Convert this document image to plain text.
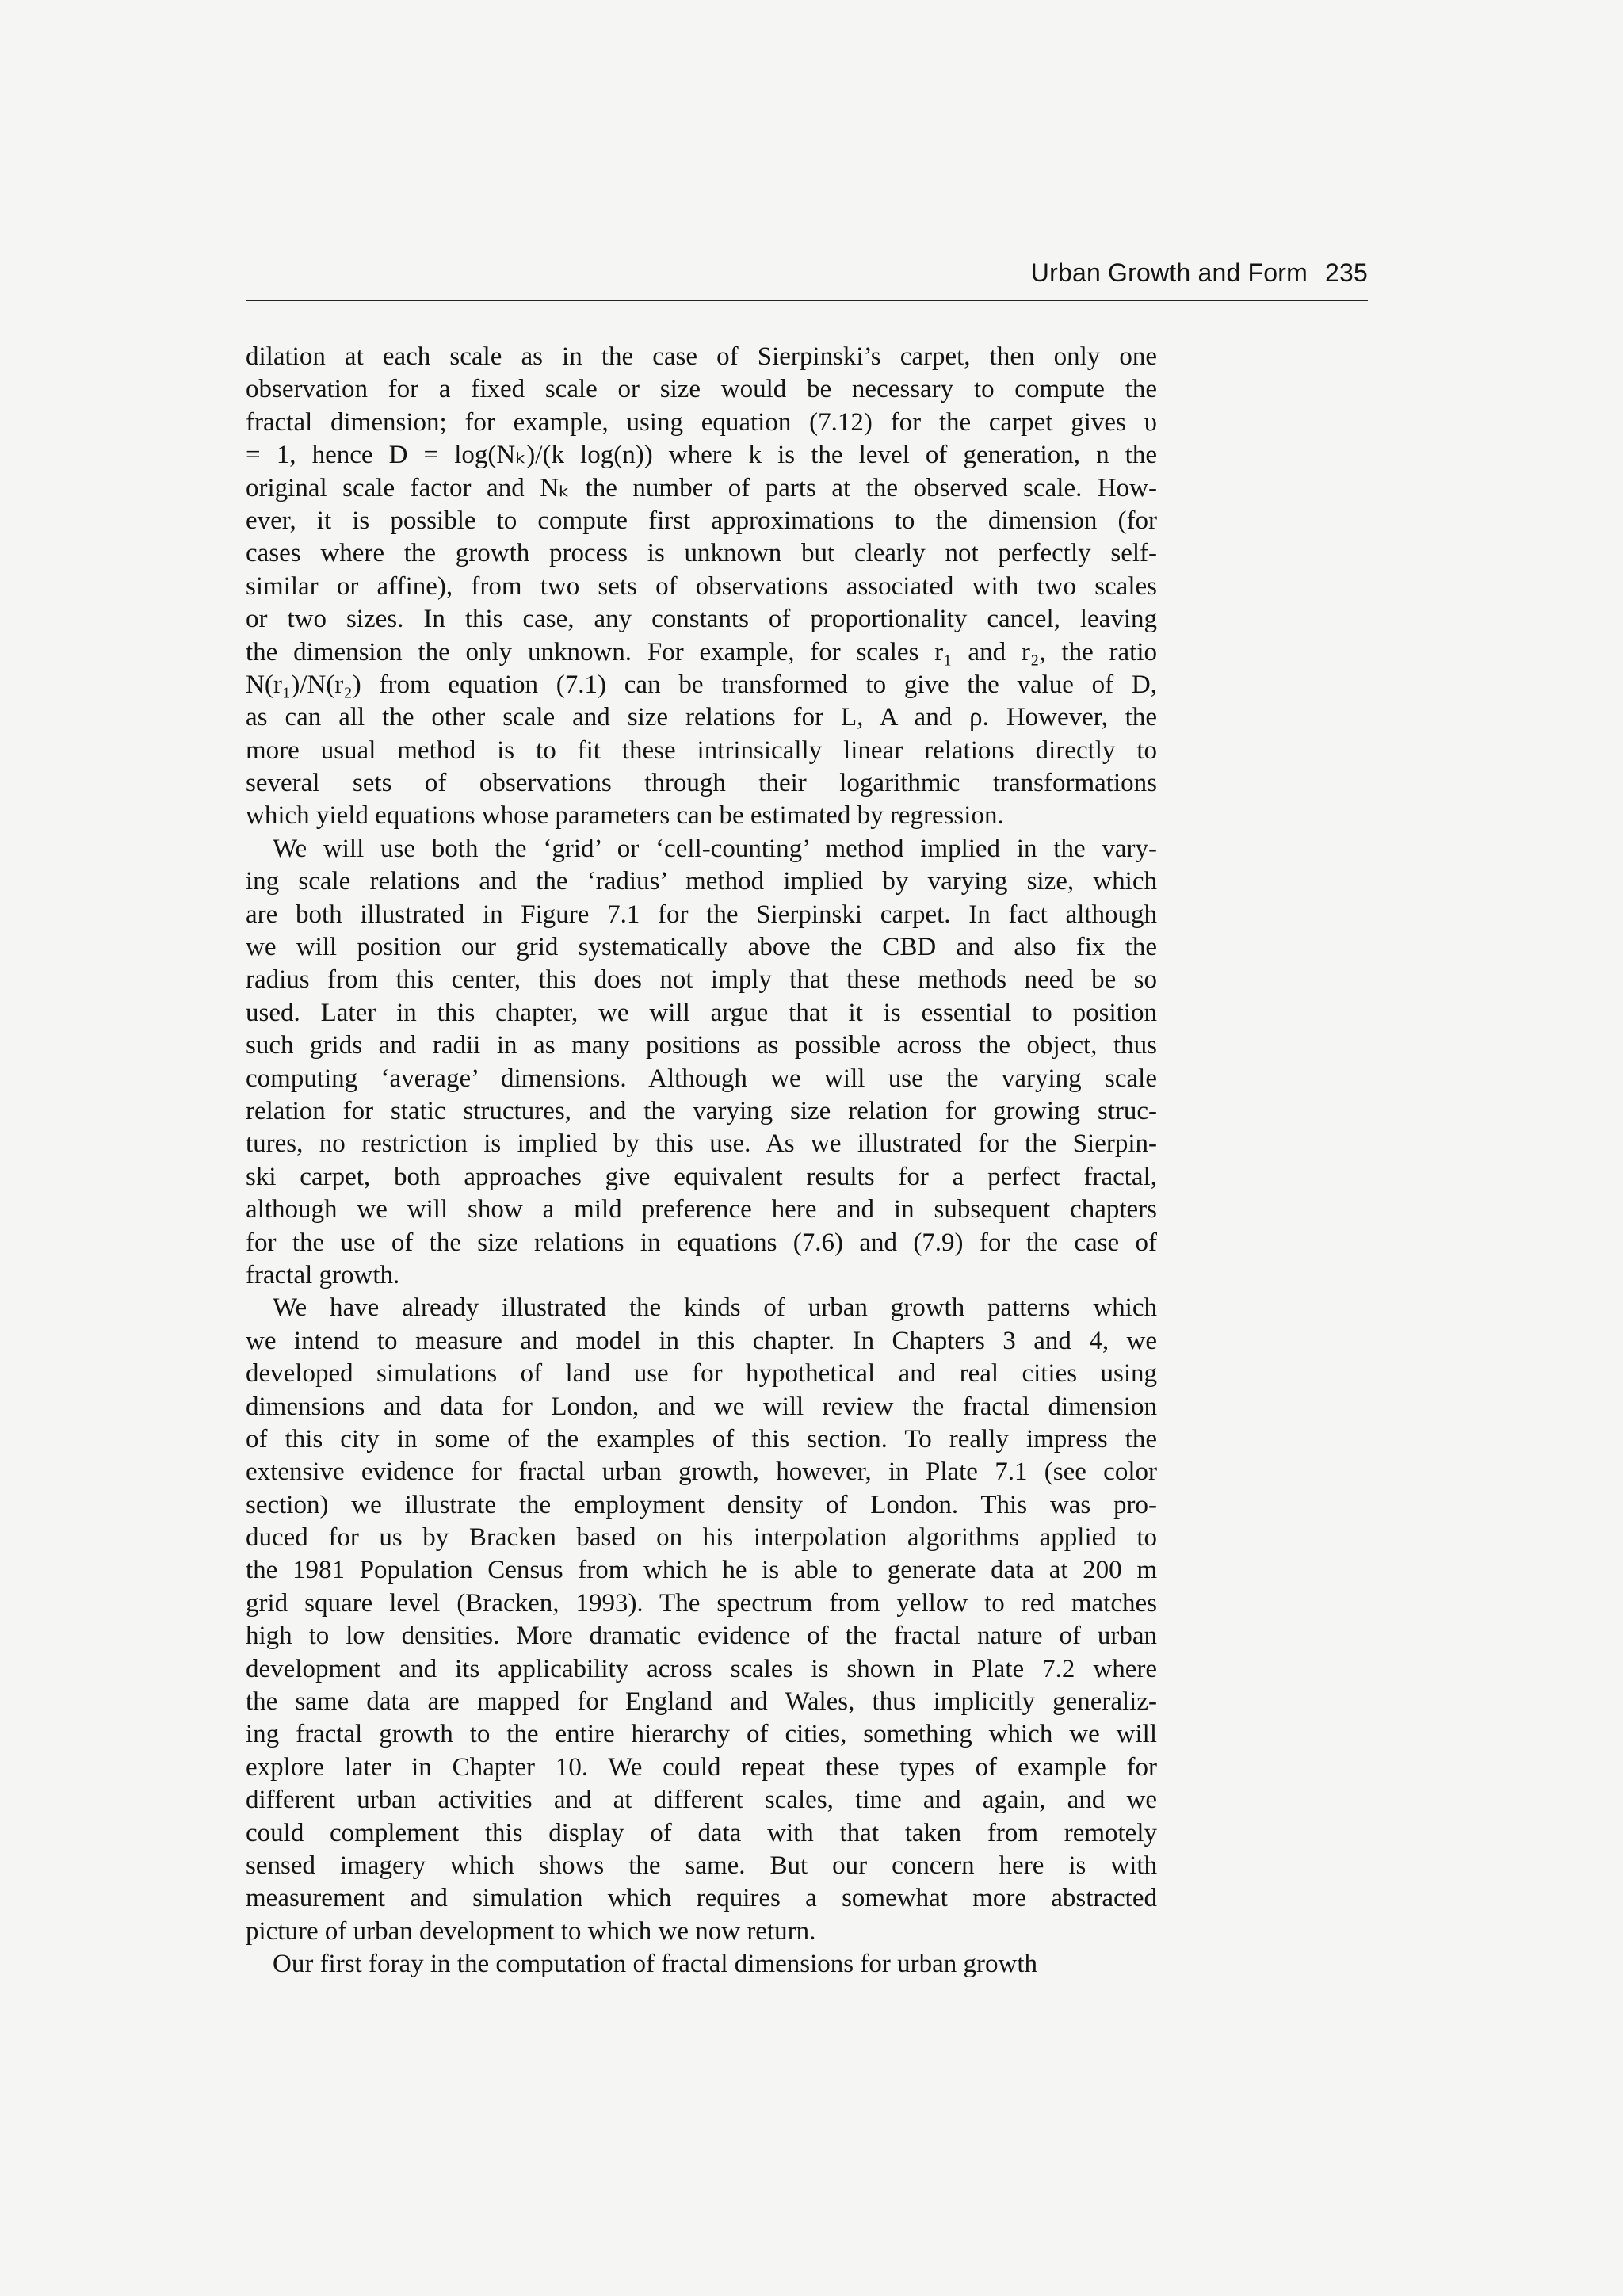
Urban Growth and Form 235
dilation at each scale as in the case of Sierpinski’s carpet, then only one
observation for a fixed scale or size would be necessary to compute the
fractal dimension; for example, using equation (7.12) for the carpet gives υ
= 1, hence D = log(Nₖ)/(k log(n)) where k is the level of generation, n the
original scale factor and Nₖ the number of parts at the observed scale. How-
ever, it is possible to compute first approximations to the dimension (for
cases where the growth process is unknown but clearly not perfectly self-
similar or affine), from two sets of observations associated with two scales
or two sizes. In this case, any constants of proportionality cancel, leaving
the dimension the only unknown. For example, for scales r₁ and r₂, the ratio
N(r₁)/N(r₂) from equation (7.1) can be transformed to give the value of D,
as can all the other scale and size relations for L, A and ρ. However, the
more usual method is to fit these intrinsically linear relations directly to
several sets of observations through their logarithmic transformations
which yield equations whose parameters can be estimated by regression.
We will use both the ‘grid’ or ‘cell-counting’ method implied in the vary-
ing scale relations and the ‘radius’ method implied by varying size, which
are both illustrated in Figure 7.1 for the Sierpinski carpet. In fact although
we will position our grid systematically above the CBD and also fix the
radius from this center, this does not imply that these methods need be so
used. Later in this chapter, we will argue that it is essential to position
such grids and radii in as many positions as possible across the object, thus
computing ‘average’ dimensions. Although we will use the varying scale
relation for static structures, and the varying size relation for growing struc-
tures, no restriction is implied by this use. As we illustrated for the Sierpin-
ski carpet, both approaches give equivalent results for a perfect fractal,
although we will show a mild preference here and in subsequent chapters
for the use of the size relations in equations (7.6) and (7.9) for the case of
fractal growth.
We have already illustrated the kinds of urban growth patterns which
we intend to measure and model in this chapter. In Chapters 3 and 4, we
developed simulations of land use for hypothetical and real cities using
dimensions and data for London, and we will review the fractal dimension
of this city in some of the examples of this section. To really impress the
extensive evidence for fractal urban growth, however, in Plate 7.1 (see color
section) we illustrate the employment density of London. This was pro-
duced for us by Bracken based on his interpolation algorithms applied to
the 1981 Population Census from which he is able to generate data at 200 m
grid square level (Bracken, 1993). The spectrum from yellow to red matches
high to low densities. More dramatic evidence of the fractal nature of urban
development and its applicability across scales is shown in Plate 7.2 where
the same data are mapped for England and Wales, thus implicitly generaliz-
ing fractal growth to the entire hierarchy of cities, something which we will
explore later in Chapter 10. We could repeat these types of example for
different urban activities and at different scales, time and again, and we
could complement this display of data with that taken from remotely
sensed imagery which shows the same. But our concern here is with
measurement and simulation which requires a somewhat more abstracted
picture of urban development to which we now return.
Our first foray in the computation of fractal dimensions for urban growth
